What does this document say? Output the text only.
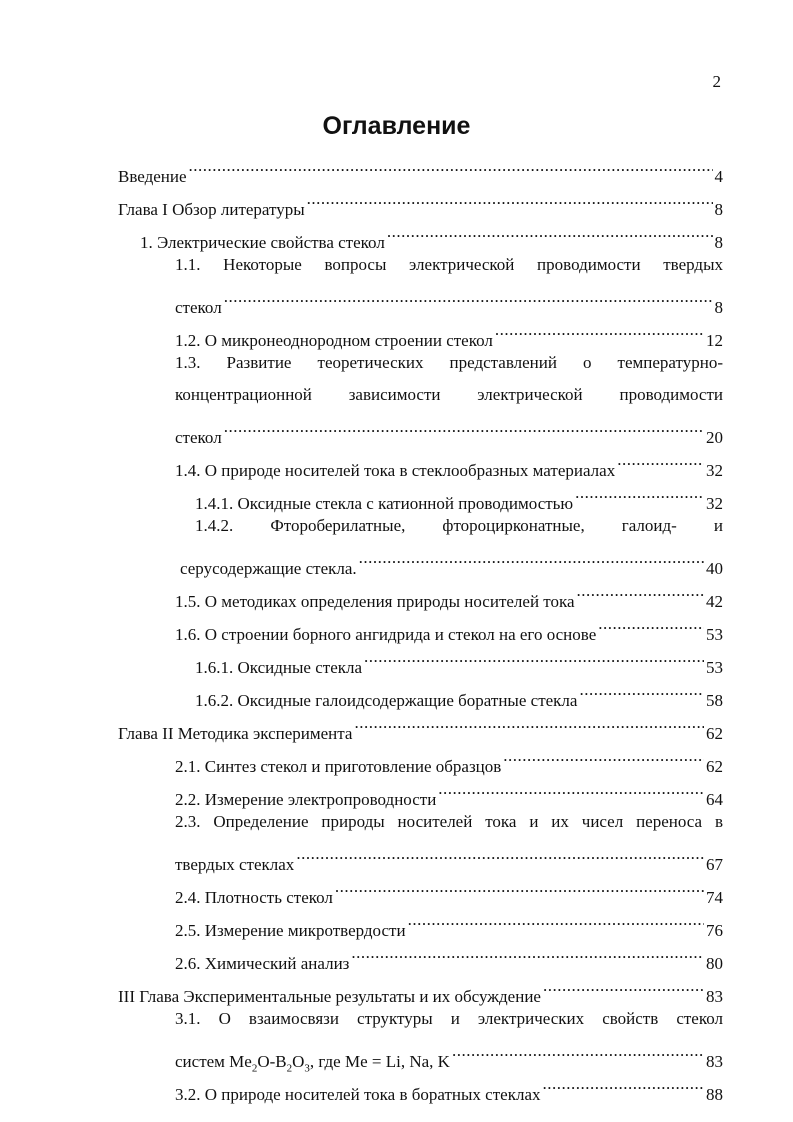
2
Оглавление
Введение .....	4
Глава I Обзор литературы .....	8
1. Электрические свойства стекол .....	8
1.1. Некоторые вопросы электрической проводимости твердых
стекол .....	8
1.2. О микронеоднородном строении стекол .....	12
1.3. Развитие теоретических представлений о температурно-
концентрационной зависимости электрической проводимости
стекол .....	20
1.4. О природе носителей тока в стеклообразных материалах .....	32
1.4.1. Оксидные стекла с катионной проводимостью .....	32
1.4.2. Фтороберилатные, фтороцирконатные, галоид- и
серусодержащие стекла. .....	40
1.5. О методиках определения природы носителей тока .....	42
1.6. О строении борного ангидрида и стекол на его основе .....	53
1.6.1. Оксидные стекла .....	53
1.6.2. Оксидные галоидсодержащие боратные стекла .....	58
Глава II Методика эксперимента .....	62
2.1. Синтез стекол и приготовление образцов .....	62
2.2. Измерение электропроводности .....	64
2.3. Определение природы носителей тока и их чисел переноса в
твердых стеклах .....	67
2.4. Плотность стекол .....	74
2.5. Измерение микротвердости .....	76
2.6. Химический анализ .....	80
III Глава Экспериментальные результаты и их обсуждение .....	83
3.1. О взаимосвязи структуры и электрических свойств стекол
систем $Me_2O-B_2O_3$, где Me = Li, Na, K .....	83
3.2. О природе носителей тока в боратных стеклах .....	88
